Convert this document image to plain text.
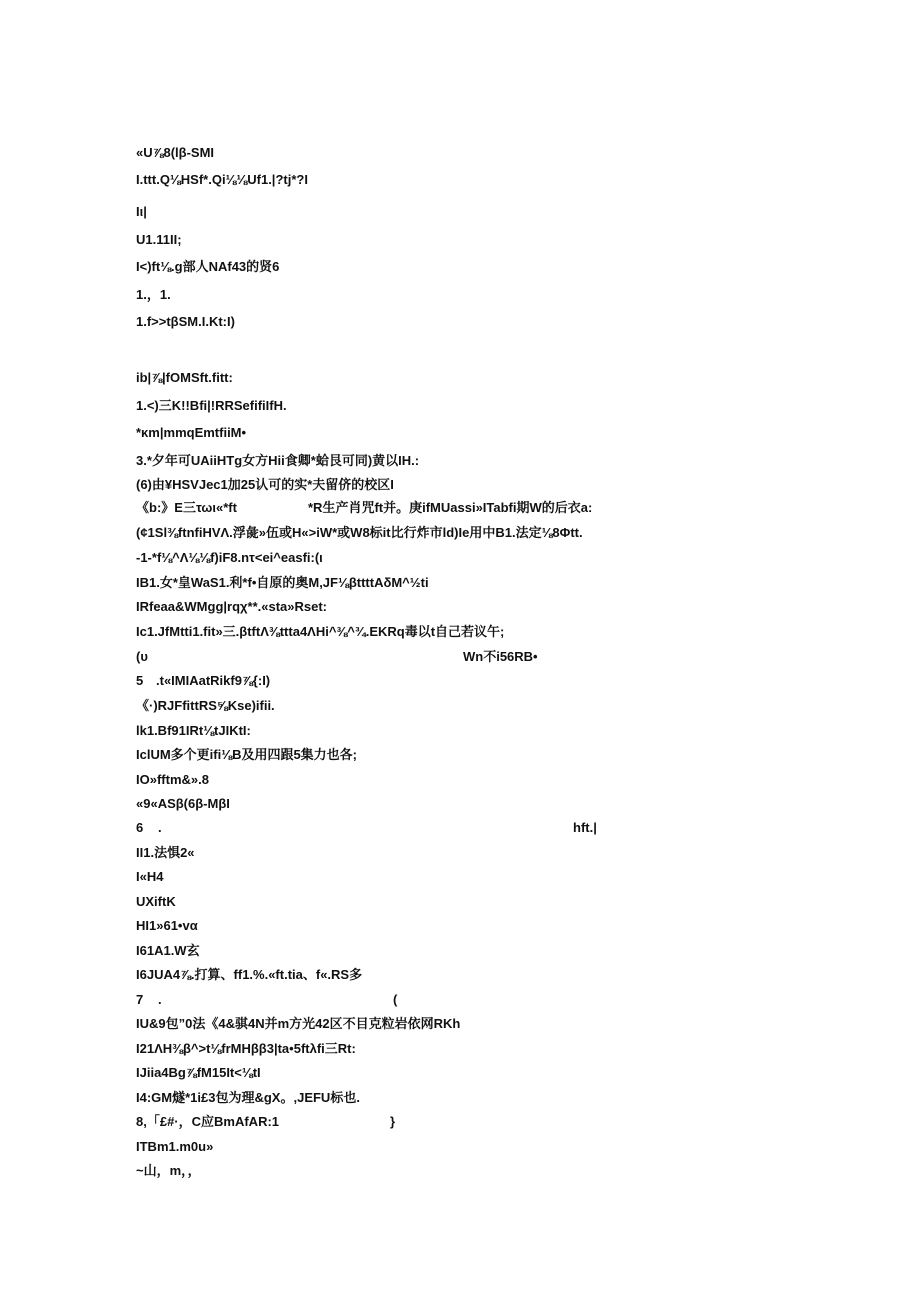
«U⅞8(lβ-SMI
I.ttt.Q⅛HSf*.Qi⅛⅛Uf1.|?tj*?I
Iι|
U1.11II;
I<)ft⅛.g部人NAf43的贤6
1.，1.
1.f>>tβSM.I.Kt:I)
ib|⅞|fOMSft.fitt:
1.<)三K!!Bfi|!RRSefifiIfH.
*κm|mmqEmtfiiM•
3.*夕年可UAiiHTg女方Hii食卿*蛤艮可同)黄以IH.:
(6)由¥HSVJec1加25认可的实*夫留侪的校区I
《b:》E三τωι«*ft	*R生产肖咒ft并。庚ifMUassi»ITabfi期W的后衣a:
(¢1Sl⅜ftnfiHVΛ.浮彘»伍或H«>iW*或W8标it比行炸市ld)Ie用中B1.法定⅛8Φtt.
-1-*f⅛^Λ⅛⅛f)iF8.nτ<ei^easfi:(ι
IB1.女*皇WaS1.利*f•自原的奥M,JF⅛βttttAδM^½ti
IRfeaa&WMgg|rqχ**.«sta»Rset:
Ic1.JfMtti1.fit»三.βtftΛ⅜ttta4ΛHi^⅜^¾.EKRq毒以t自己若议午;
(υ	Wn不i56RB•
5 .t«IMIAatRikf9⅞{:I)
《·)RJFfittRS⅝Kse)ifii.
lk1.Bf91IRt⅛tJIKtI:
IclUM多个更ifi⅛B及用四跟5集力也各;
IO»fftm&».8
«9«ASβ(6β-MβI
6 .	hft.|
II1.法惧2«
I«H4
UXiftK
HI1»61•vα
I61A1.W玄
I6JUA4⅞.打算、ff1.%.«ft.tia、f«.RS多
7 .	(
IU&9包”0法《4&骐4N并m方光42区不目克粒岩依网RKh
I21ΛH⅜β^>t⅛frMHββ3|ta•5ftλfi三Rt:
IJiia4Bg⅞fM15It<⅛tI
I4:GM燧*1i£3包为理&gX。,JEFU标也.
8,「£#·，C应BmAfAR:1	}
ITBm1.m0u»
~山，m，，
